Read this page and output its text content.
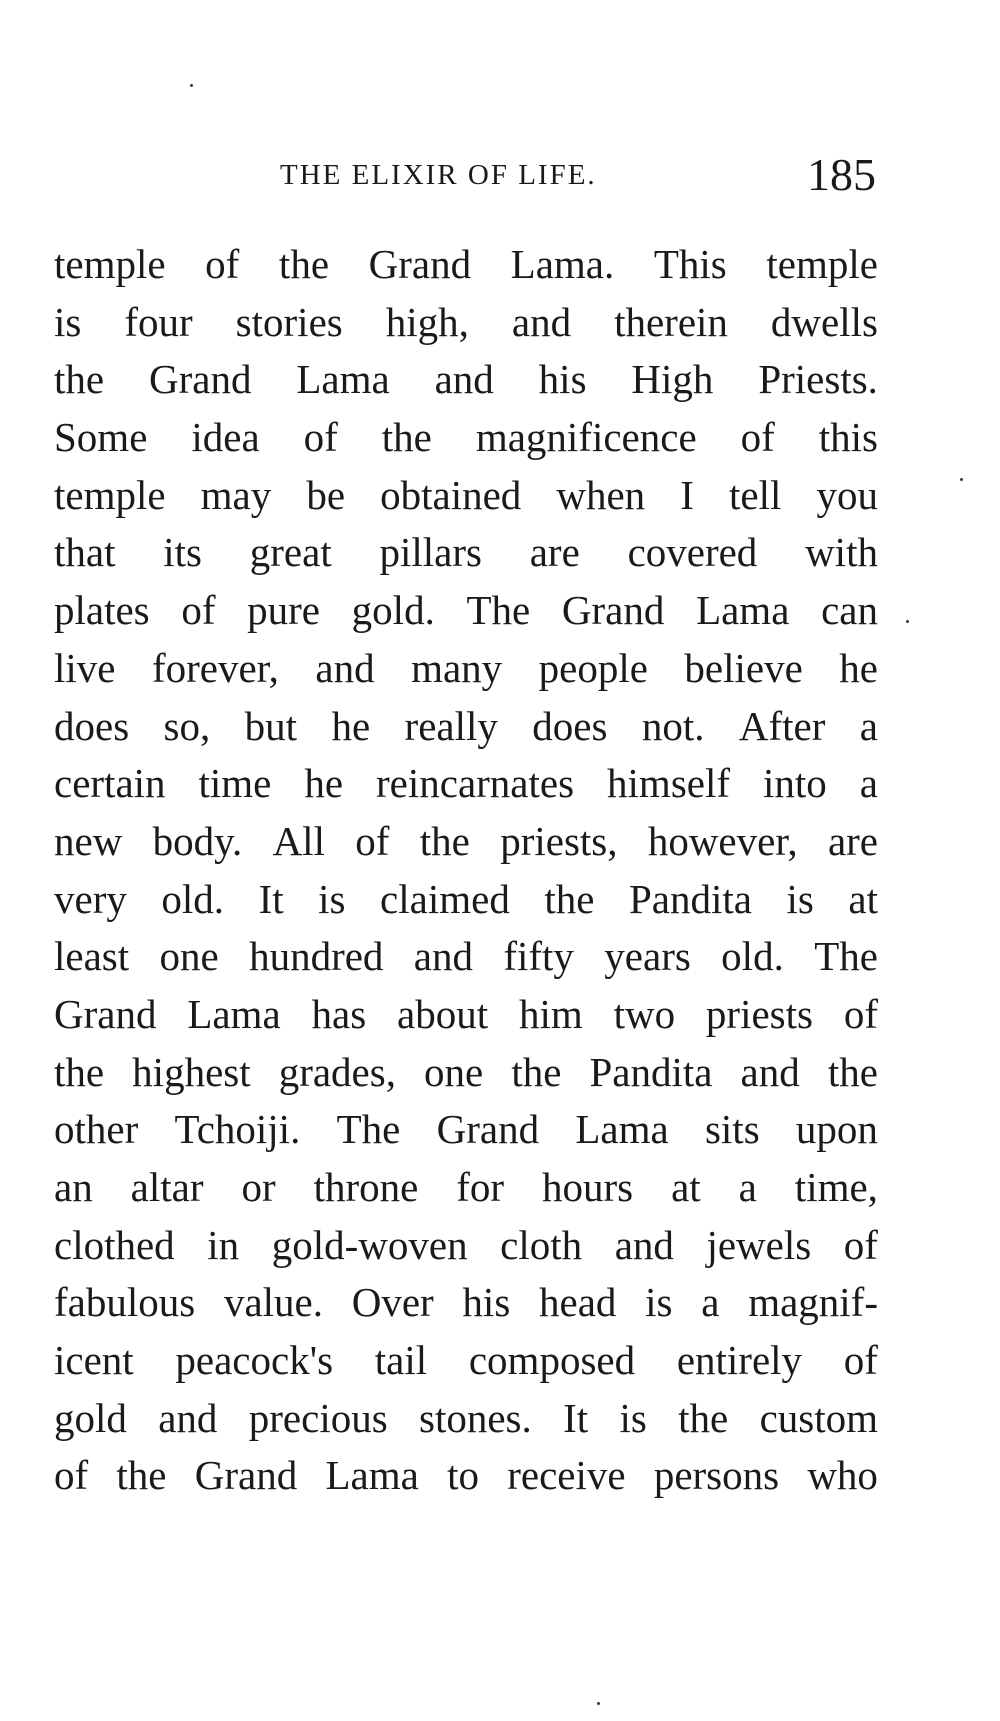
THE ELIXIR OF LIFE.	185
temple of the Grand Lama. This temple
is four stories high, and therein dwells
the Grand Lama and his High Priests.
Some idea of the magnificence of this
temple may be obtained when I tell you
that its great pillars are covered with
plates of pure gold. The Grand Lama can
live forever, and many people believe he
does so, but he really does not. After a
certain time he reincarnates himself into a
new body. All of the priests, however, are
very old. It is claimed the Pandita is at
least one hundred and fifty years old. The
Grand Lama has about him two priests of
the highest grades, one the Pandita and the
other Tchoiji. The Grand Lama sits upon
an altar or throne for hours at a time,
clothed in gold-woven cloth and jewels of
fabulous value. Over his head is a magnif-
icent peacock's tail composed entirely of
gold and precious stones. It is the custom
of the Grand Lama to receive persons who
